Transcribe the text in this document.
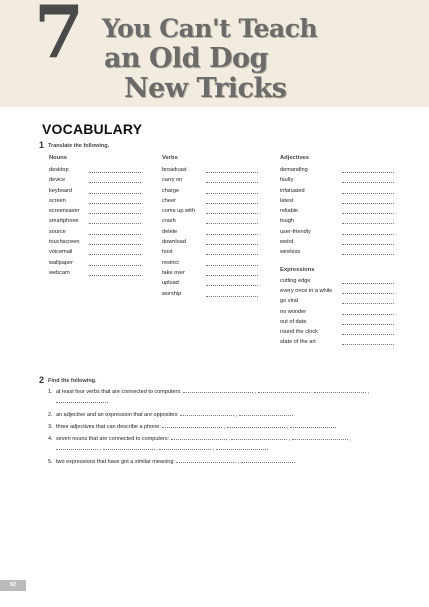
7 You Can't Teach
an Old Dog
New Tricks
VOCABULARY
1 Translate the following.
Nouns
desktop
device
keyboard
screen
screensaver
smartphone
source
touchscreen
voicemail
wallpaper
webcam
Verbs
broadcast
carry on
charge
cheer
come up with
crash
delete
download
host
restrict
take over
upload
worship
Adjectives
demanding
faulty
infatuated
latest
reliable
tough
user-friendly
weird
wireless
Expressions
cutting edge
every once in a while
go viral
no wonder
out of date
round the clock
state of the art
2 Find the following.
1. at least four verbs that are connected to computers:	,	,	,
2. an adjective and an expression that are opposites:	,
3. three adjectives that can describe a phone:	,	,
4. seven nouns that are connected to computers:	,	,	,
,	,	,
5. two expressions that have got a similar meaning:	,
92
